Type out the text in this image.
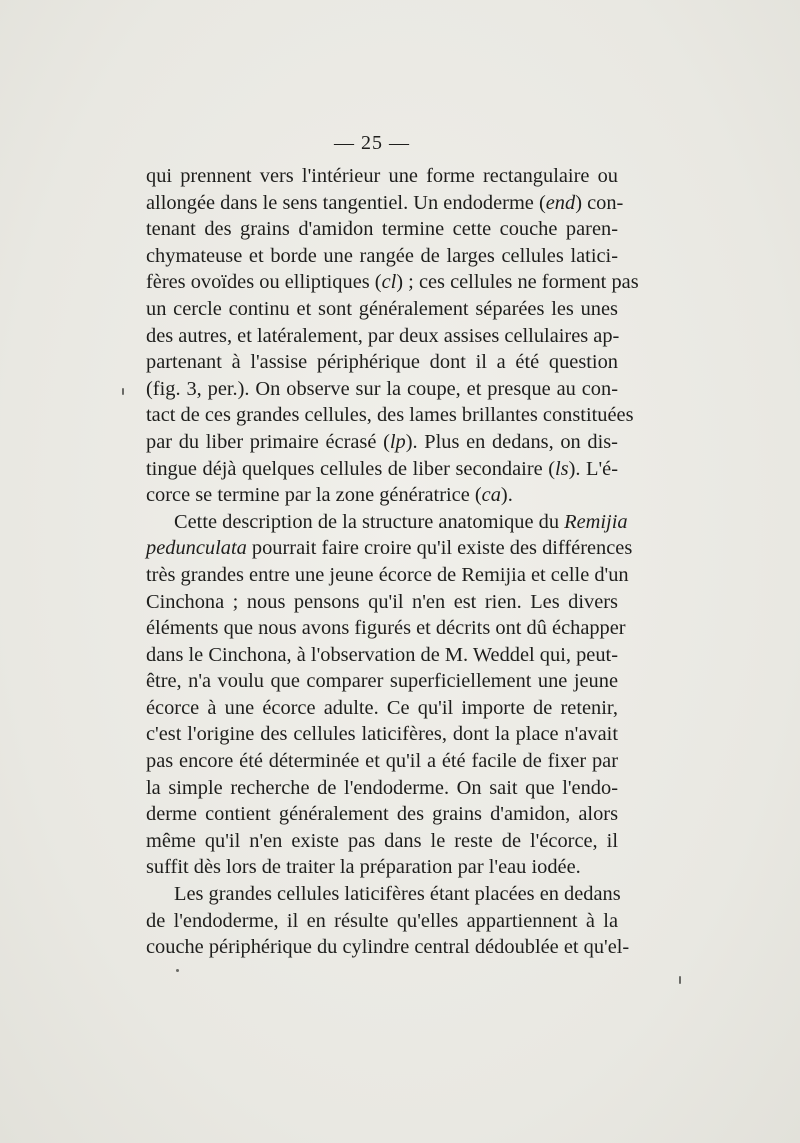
— 25 —
qui prennent vers l'intérieur une forme rectangulaire ou
allongée dans le sens tangentiel. Un endoderme (end) con-
tenant des grains d'amidon termine cette couche paren-
chymateuse et borde une rangée de larges cellules latici-
fères ovoïdes ou elliptiques (cl) ; ces cellules ne forment pas
un cercle continu et sont généralement séparées les unes
des autres, et latéralement, par deux assises cellulaires ap-
partenant à l'assise périphérique dont il a été question
(fig. 3, per.). On observe sur la coupe, et presque au con-
tact de ces grandes cellules, des lames brillantes constituées
par du liber primaire écrasé (lp). Plus en dedans, on dis-
tingue déjà quelques cellules de liber secondaire (ls). L'é-
corce se termine par la zone génératrice (ca).
Cette description de la structure anatomique du Remijia
pedunculata pourrait faire croire qu'il existe des différences
très grandes entre une jeune écorce de Remijia et celle d'un
Cinchona ; nous pensons qu'il n'en est rien. Les divers
éléments que nous avons figurés et décrits ont dû échapper
dans le Cinchona, à l'observation de M. Weddel qui, peut-
être, n'a voulu que comparer superficiellement une jeune
écorce à une écorce adulte. Ce qu'il importe de retenir,
c'est l'origine des cellules laticifères, dont la place n'avait
pas encore été déterminée et qu'il a été facile de fixer par
la simple recherche de l'endoderme. On sait que l'endo-
derme contient généralement des grains d'amidon, alors
même qu'il n'en existe pas dans le reste de l'écorce, il
suffit dès lors de traiter la préparation par l'eau iodée.
Les grandes cellules laticifères étant placées en dedans
de l'endoderme, il en résulte qu'elles appartiennent à la
couche périphérique du cylindre central dédoublée et qu'el-
